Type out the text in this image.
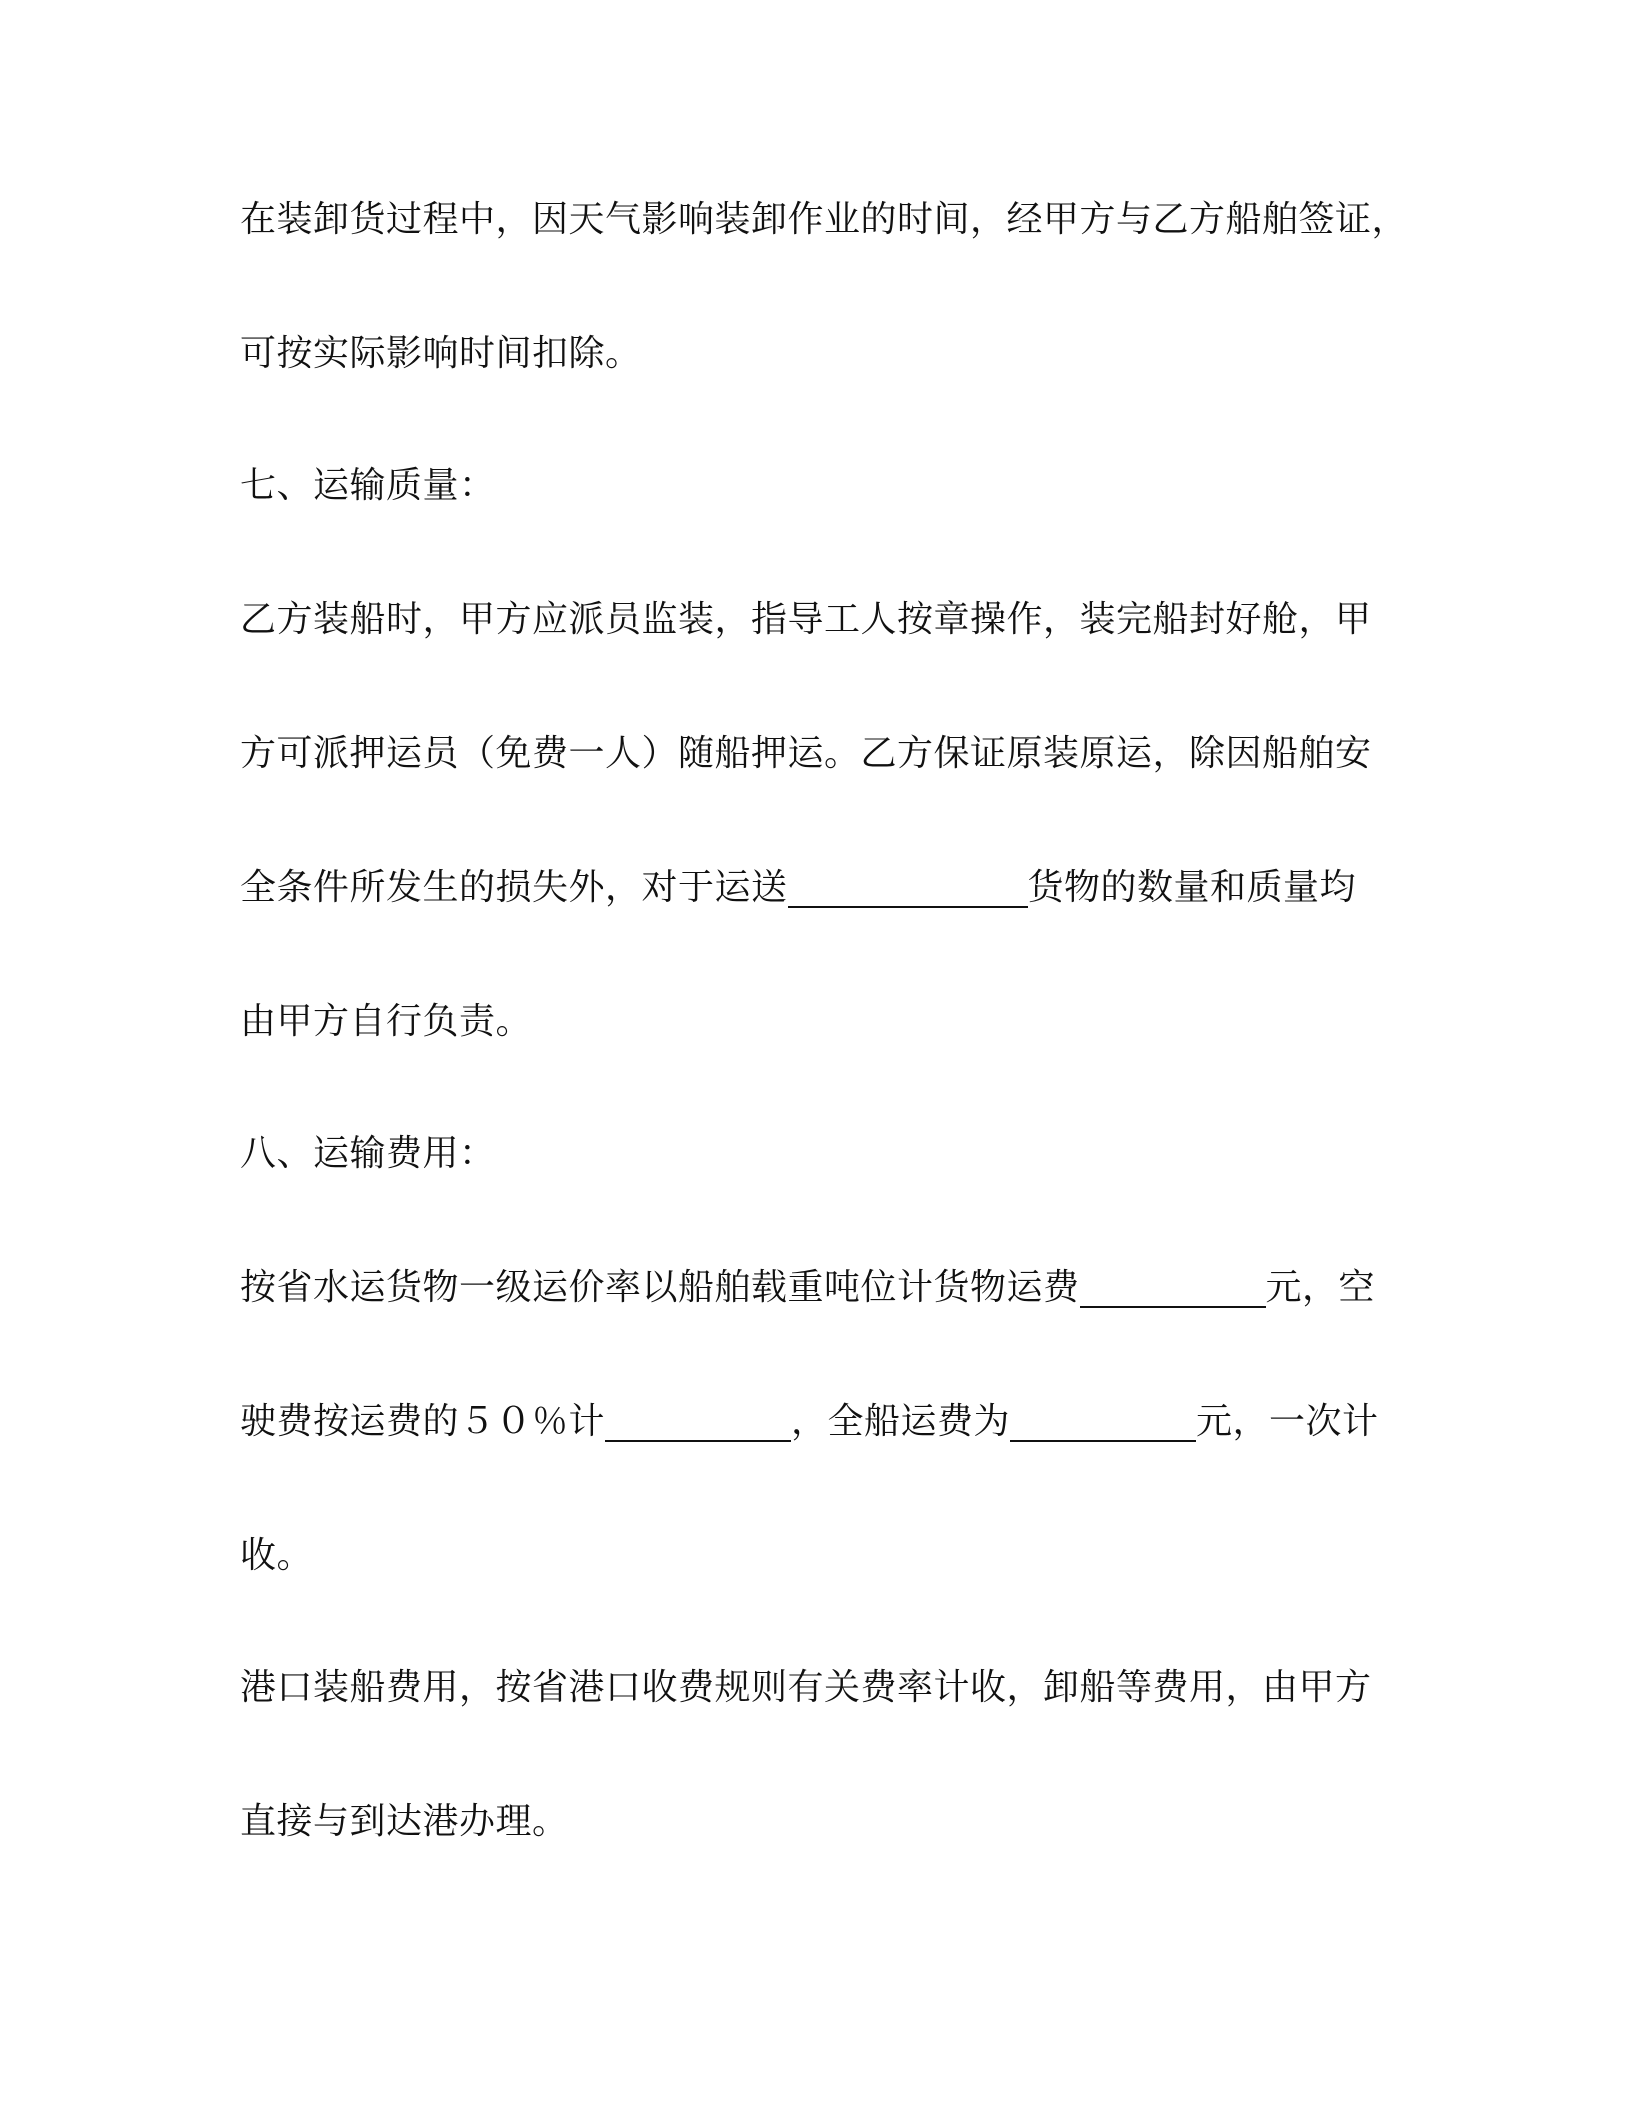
在装卸货过程中，因天气影响装卸作业的时间，经甲方与乙方船舶签证，
可按实际影响时间扣除。
七、运输质量：
乙方装船时，甲方应派员监装，指导工人按章操作，装完船封好舱，甲
方可派押运员（免费一人）随船押运。乙方保证原装原运，除因船舶安
全条件所发生的损失外，对于运送	货物的数量和质量均
由甲方自行负责。
八、运输费用：
按省水运货物一级运价率以船舶载重吨位计货物运费	元，空
驶费按运费的５０％计	，全船运费为	元，一次计
收。
港口装船费用，按省港口收费规则有关费率计收，卸船等费用，由甲方
直接与到达港办理。
